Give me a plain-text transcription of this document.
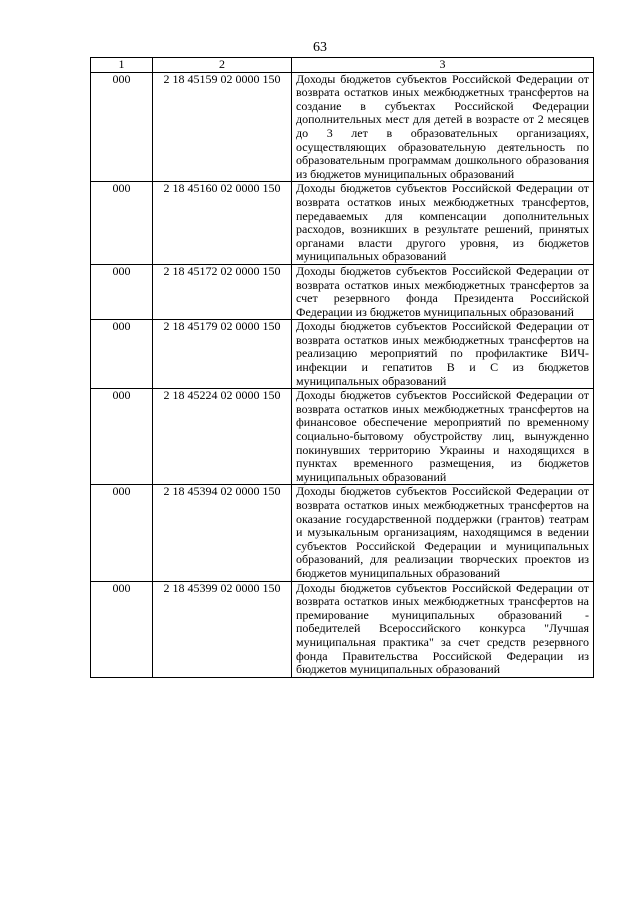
63
1	2	3
000	2 18 45159 02 0000 150	Доходы бюджетов субъектов Российской Федерации от возврата остатков иных межбюджетных трансфертов на создание в субъектах Российской Федерации дополнительных мест для детей в возрасте от 2 месяцев до 3 лет в образовательных организациях, осуществляющих образовательную деятельность по образовательным программам дошкольного образования из бюджетов муниципальных образований
000	2 18 45160 02 0000 150	Доходы бюджетов субъектов Российской Федерации от возврата остатков иных межбюджетных трансфертов, передаваемых для компенсации дополнительных расходов, возникших в результате решений, принятых органами власти другого уровня, из бюджетов муниципальных образований
000	2 18 45172 02 0000 150	Доходы бюджетов субъектов Российской Федерации от возврата остатков иных межбюджетных трансфертов за счет резервного фонда Президента Российской Федерации из бюджетов муниципальных образований
000	2 18 45179 02 0000 150	Доходы бюджетов субъектов Российской Федерации от возврата остатков иных межбюджетных трансфертов на реализацию мероприятий по профилактике ВИЧ-инфекции и гепатитов B и C из бюджетов муниципальных образований
000	2 18 45224 02 0000 150	Доходы бюджетов субъектов Российской Федерации от возврата остатков иных межбюджетных трансфертов на финансовое обеспечение мероприятий по временному социально-бытовому обустройству лиц, вынужденно покинувших территорию Украины и находящихся в пунктах временного размещения, из бюджетов муниципальных образований
000	2 18 45394 02 0000 150	Доходы бюджетов субъектов Российской Федерации от возврата остатков иных межбюджетных трансфертов на оказание государственной поддержки (грантов) театрам и музыкальным организациям, находящимся в ведении субъектов Российской Федерации и муниципальных образований, для реализации творческих проектов из бюджетов муниципальных образований
000	2 18 45399 02 0000 150	Доходы бюджетов субъектов Российской Федерации от возврата остатков иных межбюджетных трансфертов на премирование муниципальных образований - победителей Всероссийского конкурса "Лучшая муниципальная практика" за счет средств резервного фонда Правительства Российской Федерации из бюджетов муниципальных образований
